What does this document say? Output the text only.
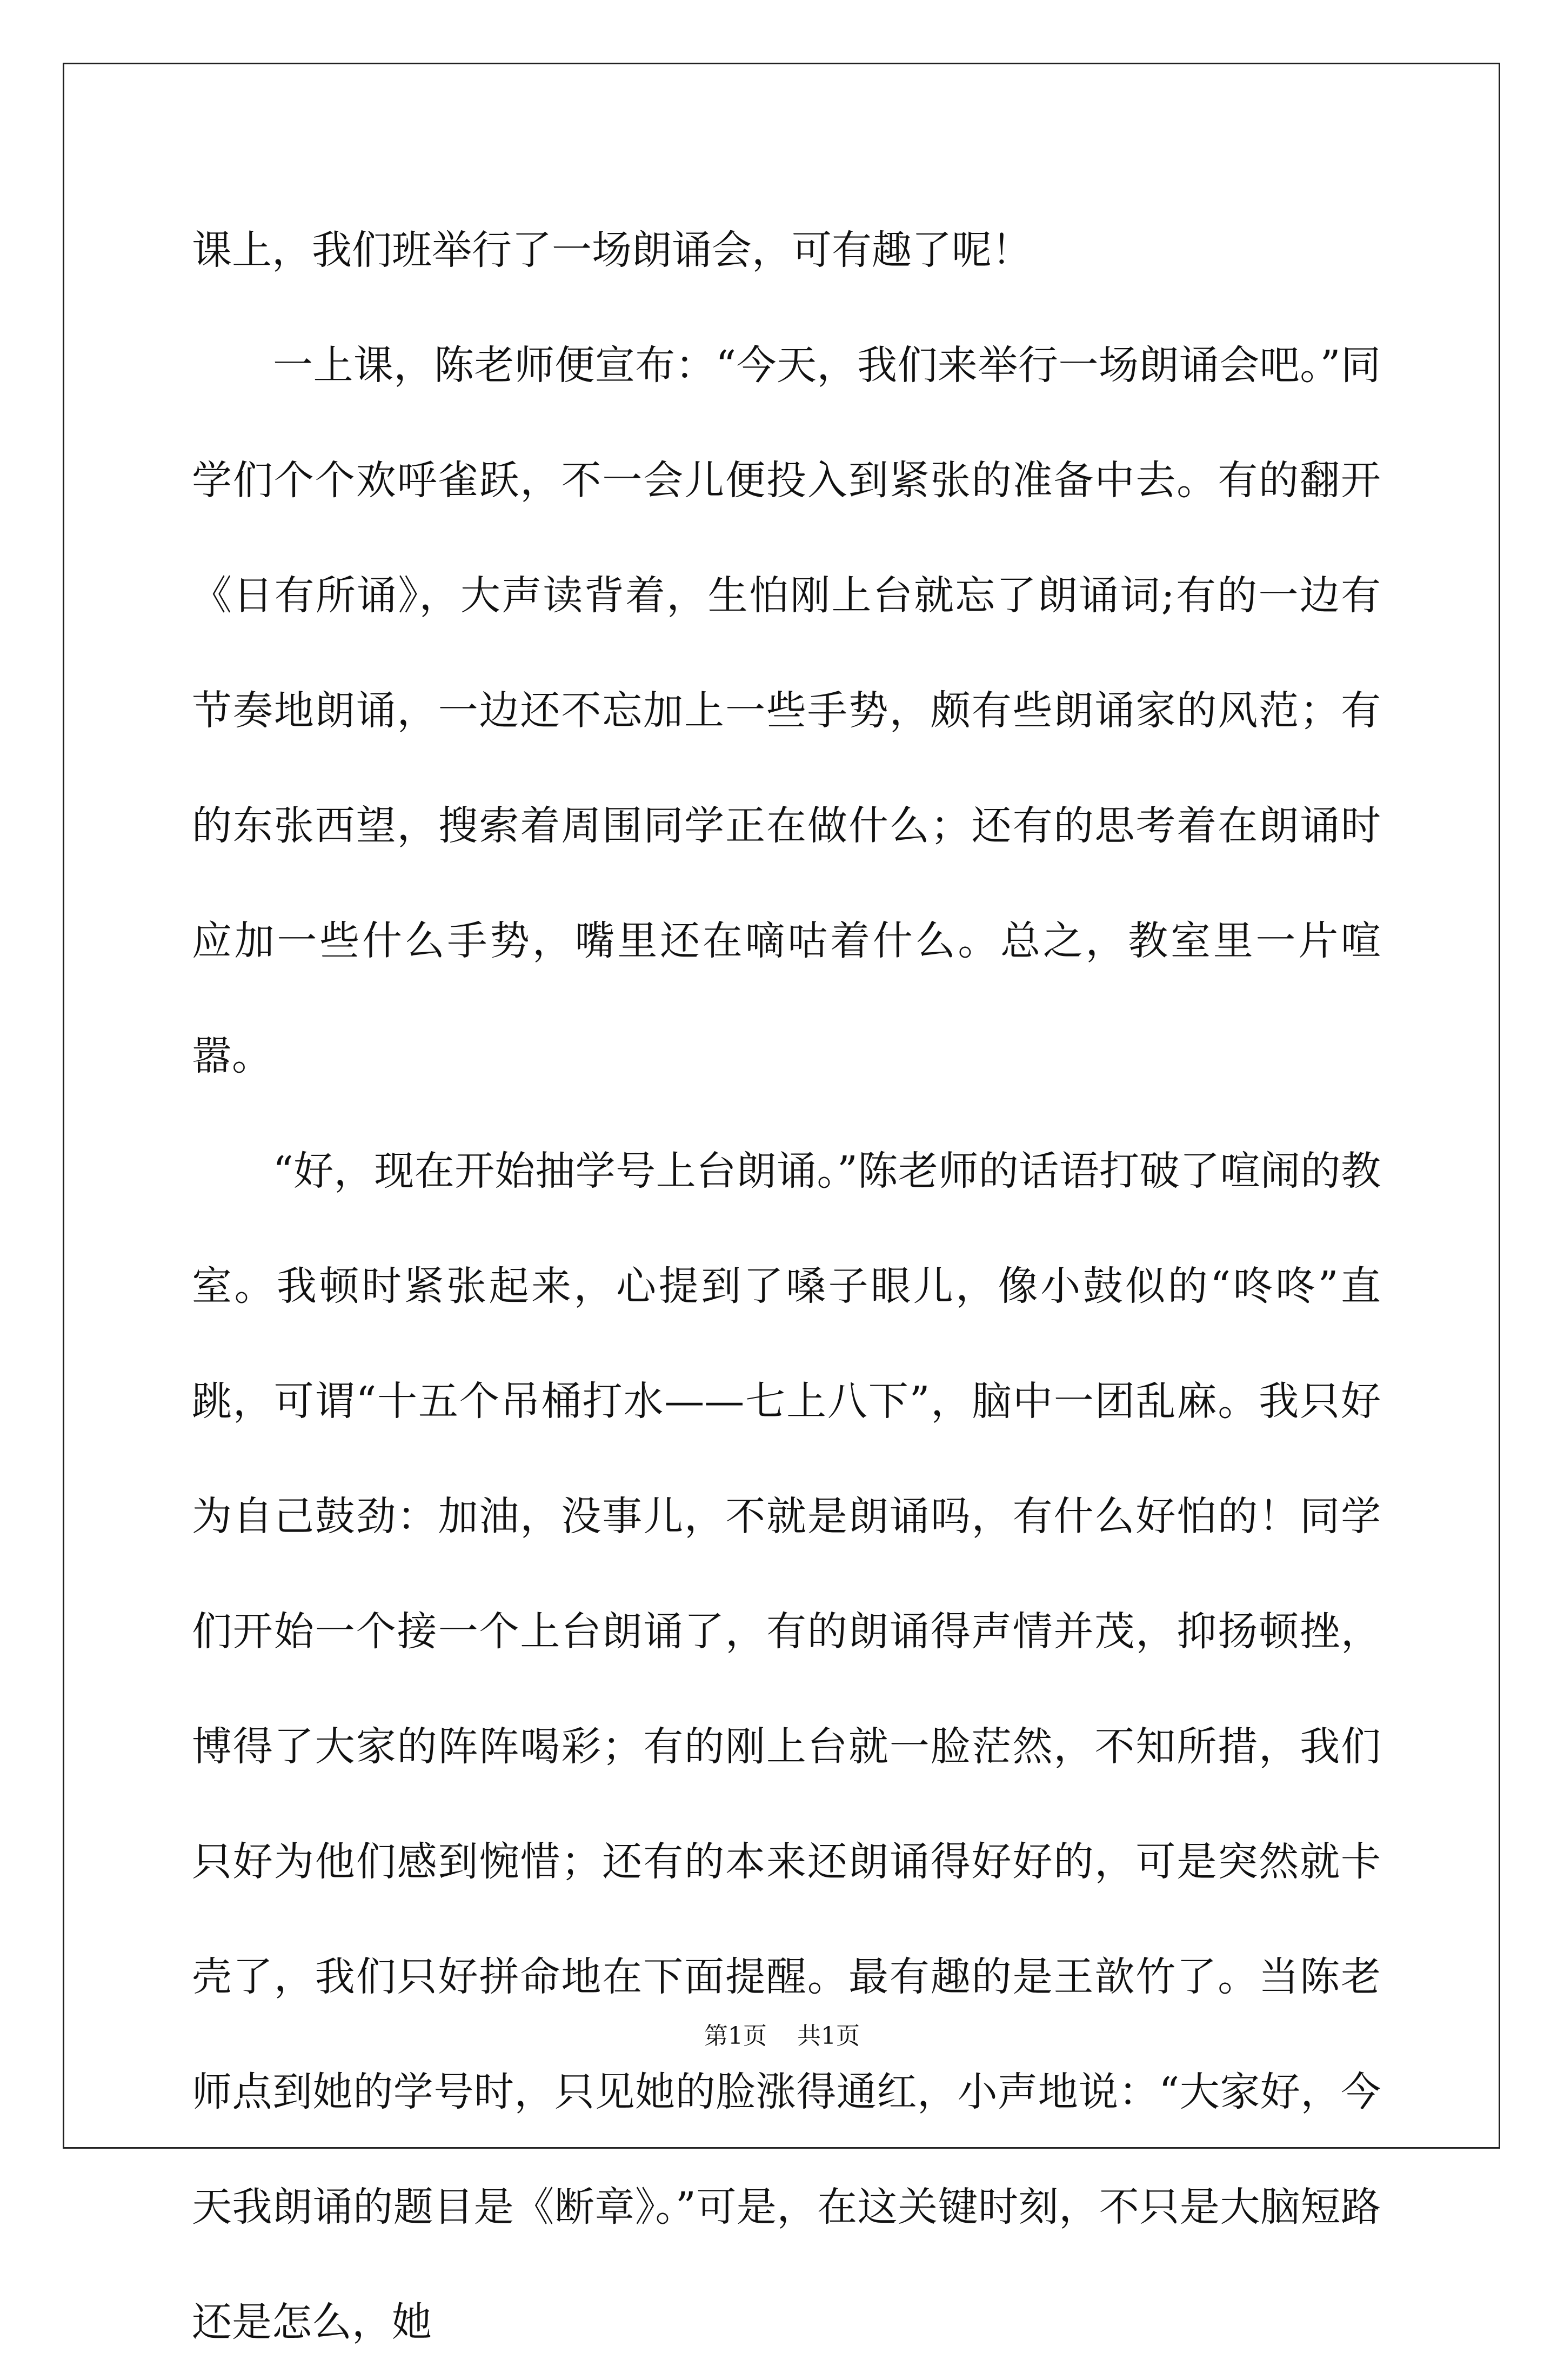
课上，我们班举行了一场朗诵会，可有趣了呢！

一上课，陈老师便宣布：“今天，我们来举行一场朗诵会吧。”同学们个个欢呼雀跃，不一会儿便投入到紧张的准备中去。有的翻开《日有所诵》，大声读背着，生怕刚上台就忘了朗诵词;有的一边有节奏地朗诵，一边还不忘加上一些手势，颇有些朗诵家的风范；有的东张西望，搜索着周围同学正在做什么；还有的思考着在朗诵时应加一些什么手势，嘴里还在嘀咕着什么。总之，教室里一片喧嚣。

“好，现在开始抽学号上台朗诵。”陈老师的话语打破了喧闹的教室。我顿时紧张起来，心提到了嗓子眼儿，像小鼓似的“咚咚”直跳，可谓“十五个吊桶打水——七上八下”，脑中一团乱麻。我只好为自己鼓劲：加油，没事儿，不就是朗诵吗，有什么好怕的！同学们开始一个接一个上台朗诵了，有的朗诵得声情并茂，抑扬顿挫，博得了大家的阵阵喝彩；有的刚上台就一脸茫然，不知所措，我们只好为他们感到惋惜；还有的本来还朗诵得好好的，可是突然就卡壳了，我们只好拼命地在下面提醒。最有趣的是王歆竹了。当陈老师点到她的学号时，只见她的脸涨得通红，小声地说：“大家好，今天我朗诵的题目是《断章》。”可是，在这关键时刻，不只是大脑短路还是怎么，她

第1页 共1页
